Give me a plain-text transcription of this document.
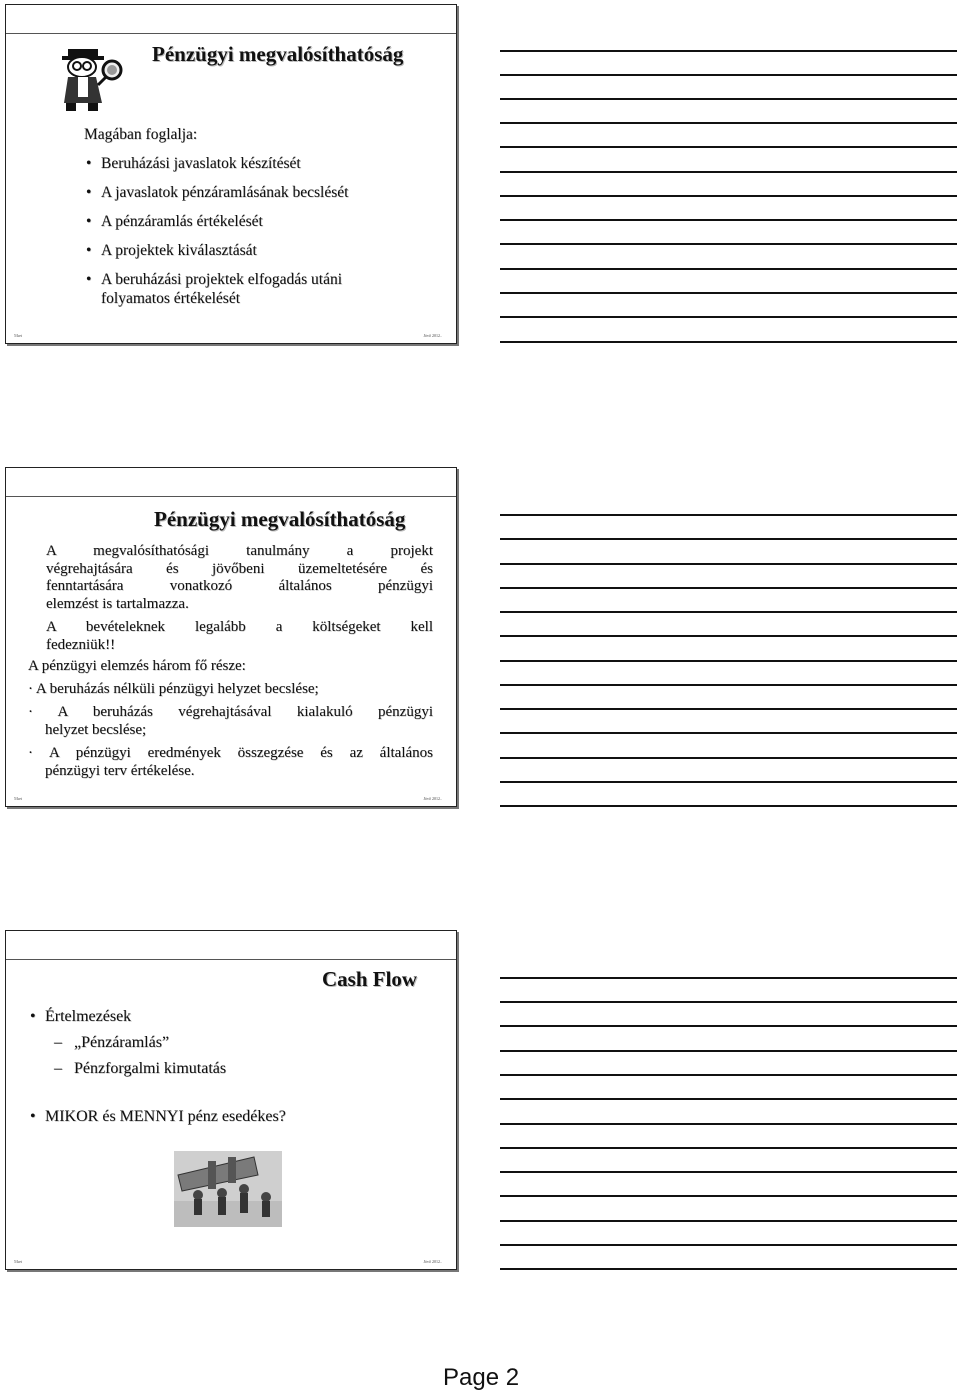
Pénzügyi megvalósíthatóság
Magában foglalja:
• Beruházási javaslatok készítését
• A javaslatok pénzáramlásának becslését
• A pénzáramlás értékelését
• A projektek kiválasztását
• A beruházási projektek elfogadás utáni folyamatos értékelését
5/ket	Jövő 2012..
Pénzügyi megvalósíthatóság
A megvalósíthatósági tanulmány a projekt
végrehajtására és jövőbeni üzemeltetésére és
fenntartására vonatkozó általános pénzügyi
elemzést is tartalmazza.
A bevételeknek legalább a költségeket kell
fedezniük!!
A pénzügyi elemzés három fő része:
· A beruházás nélküli pénzügyi helyzet becslése;
· A beruházás végrehajtásával kialakuló pénzügyi
helyzet becslése;
· A pénzügyi eredmények összegzése és az általános
pénzügyi terv értékelése.
5/ket	Jövő 2012..
Cash Flow
• Értelmezések
– „Pénzáramlás”
– Pénzforgalmi kimutatás
• MIKOR és MENNYI pénz esedékes?
5/ket	Jövő 2012..
Page 2
